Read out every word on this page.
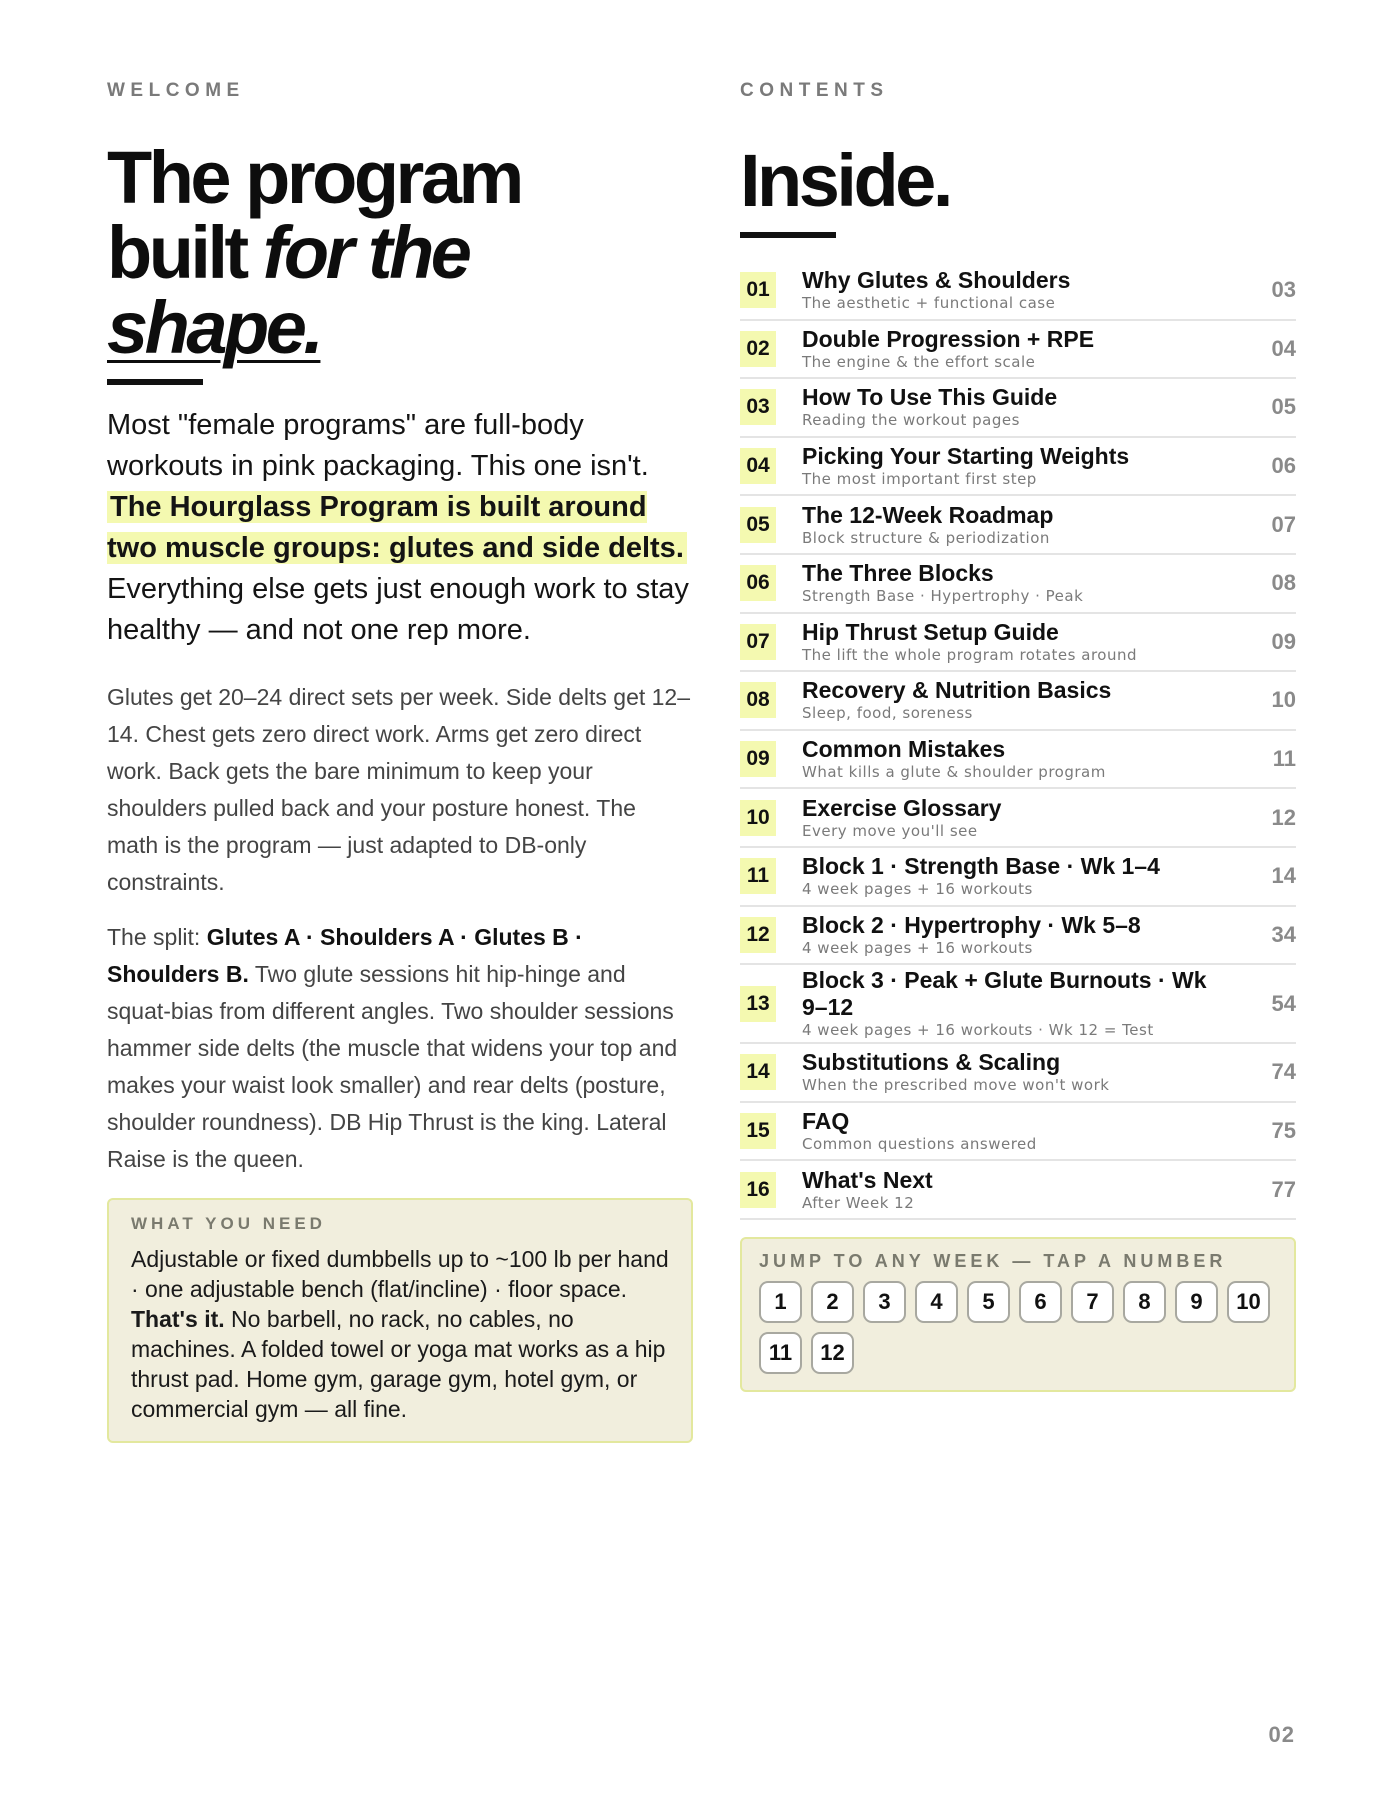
WELCOME
The program
built for the
shape.

Most "female programs" are full-body workouts in pink packaging. This one isn't. The Hourglass Program is built around two muscle groups: glutes and side delts. Everything else gets just enough work to stay healthy — and not one rep more.

Glutes get 20–24 direct sets per week. Side delts get 12–14. Chest gets zero direct work. Arms get zero direct work. Back gets the bare minimum to keep your shoulders pulled back and your posture honest. The math is the program — just adapted to DB-only constraints.

The split: Glutes A · Shoulders A · Glutes B · Shoulders B. Two glute sessions hit hip-hinge and squat-bias from different angles. Two shoulder sessions hammer side delts (the muscle that widens your top and makes your waist look smaller) and rear delts (posture, shoulder roundness). DB Hip Thrust is the king. Lateral Raise is the queen.

WHAT YOU NEED

Adjustable or fixed dumbbells up to ~100 lb per hand · one adjustable bench (flat/incline) · floor space. That's it. No barbell, no rack, no cables, no machines. A folded towel or yoga mat works as a hip thrust pad. Home gym, garage gym, hotel gym, or commercial gym — all fine.

CONTENTS
Inside.
01 Why Glutes & Shoulders
The aesthetic + functional case
03
02 Double Progression + RPE
The engine & the effort scale
04
03 How To Use This Guide
Reading the workout pages
05
04 Picking Your Starting Weights
The most important first step
06
05 The 12-Week Roadmap
Block structure & periodization
07
06 The Three Blocks
Strength Base · Hypertrophy · Peak
08
07 Hip Thrust Setup Guide
The lift the whole program rotates around
09
08 Recovery & Nutrition Basics
Sleep, food, soreness
10
09 Common Mistakes
What kills a glute & shoulder program
11
10 Exercise Glossary
Every move you'll see
12
11	Block 1 · Strength Base · Wk 1–4
4 week pages + 16 workouts
14
12 Block 2 · Hypertrophy · Wk 5–8
4 week pages + 16 workouts
34
13
Block 3 · Peak + Glute Burnouts · Wk 9–12
4 week pages + 16 workouts · Wk 12 = Test
54
14 Substitutions & Scaling
When the prescribed move won't work
74
15 FAQ
Common questions answered
75
16 What's Next
After Week 12
77
JUMP TO ANY WEEK — TAP A NUMBER
1	2	3	4	5	6	7	8	9	10
11	12
02
